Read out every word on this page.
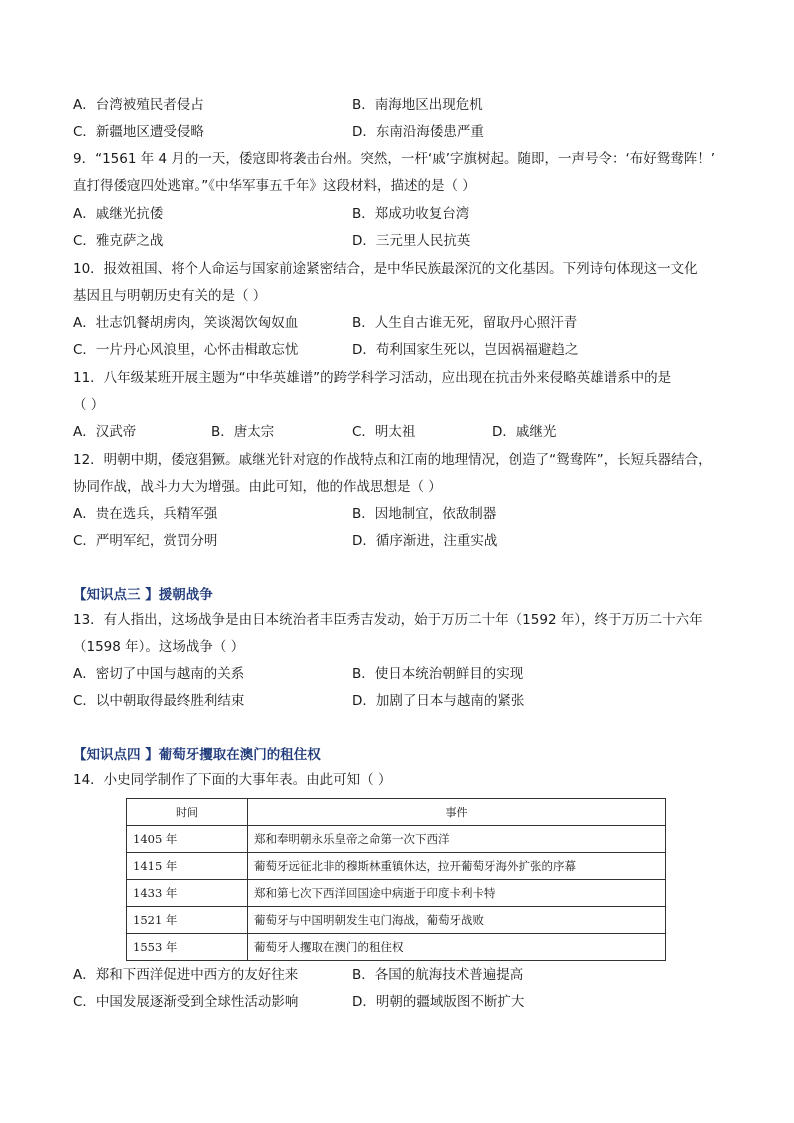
A．台湾被殖民者侵占	B．南海地区出现危机
C．新疆地区遭受侵略	D．东南沿海倭患严重
9．“1561 年 4 月的一天，倭寇即将袭击台州。突然，一杆‘戚’字旗树起。随即，一声号令：‘布好鸳鸯阵！’
直打得倭寇四处逃窜。”《中华军事五千年》这段材料，描述的是（ ）
A．戚继光抗倭	B．郑成功收复台湾
C．雅克萨之战	D．三元里人民抗英
10．报效祖国、将个人命运与国家前途紧密结合，是中华民族最深沉的文化基因。下列诗句体现这一文化
基因且与明朝历史有关的是（ ）
A．壮志饥餐胡虏肉，笑谈渴饮匈奴血	B．人生自古谁无死，留取丹心照汗青
C．一片丹心风浪里，心怀击楫敢忘忧	D．苟利国家生死以，岂因祸福避趋之
11．八年级某班开展主题为“中华英雄谱”的跨学科学习活动，应出现在抗击外来侵略英雄谱系中的是
（ ）
A．汉武帝	B．唐太宗	C．明太祖	D．戚继光
12．明朝中期，倭寇猖獗。戚继光针对寇的作战特点和江南的地理情况，创造了“鸳鸯阵”，长短兵器结合，
协同作战，战斗力大为增强。由此可知，他的作战思想是（ ）
A．贵在选兵，兵精军强	B．因地制宜，依敌制器
C．严明军纪，赏罚分明	D．循序渐进，注重实战
【知识点三 】援朝战争
13．有人指出，这场战争是由日本统治者丰臣秀吉发动，始于万历二十年（1592 年），终于万历二十六年
（1598 年）。这场战争（ ）
A．密切了中国与越南的关系	B．使日本统治朝鲜目的实现
C．以中朝取得最终胜利结束	D．加剧了日本与越南的紧张
【知识点四 】葡萄牙攫取在澳门的租住权
14．小史同学制作了下面的大事年表。由此可知（ ）
时间	事件
1405 年	郑和奉明朝永乐皇帝之命第一次下西洋
1415 年	葡萄牙远征北非的穆斯林重镇休达，拉开葡萄牙海外扩张的序幕
1433 年	郑和第七次下西洋回国途中病逝于印度卡利卡特
1521 年	葡萄牙与中国明朝发生屯门海战，葡萄牙战败
1553 年	葡萄牙人攫取在澳门的租住权
A．郑和下西洋促进中西方的友好往来	B．各国的航海技术普遍提高
C．中国发展逐渐受到全球性活动影响	D．明朝的疆域版图不断扩大
